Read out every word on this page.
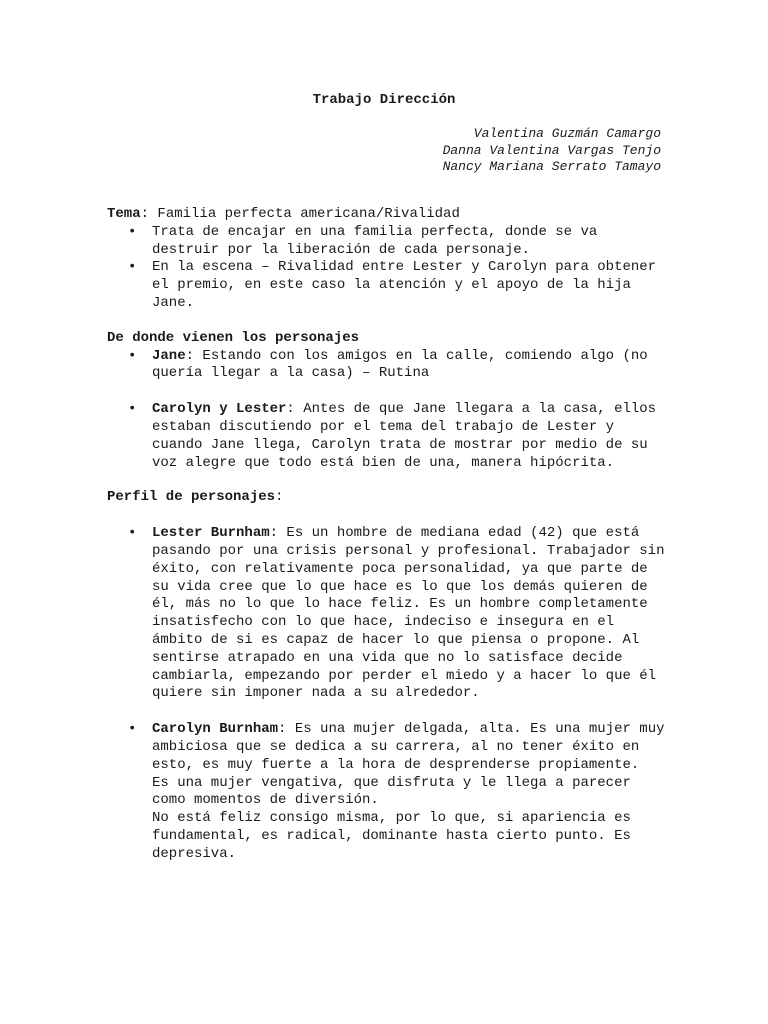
Trabajo Dirección
Valentina Guzmán Camargo
Danna Valentina Vargas Tenjo
Nancy Mariana Serrato Tamayo
Tema: Familia perfecta americana/Rivalidad
• Trata de encajar en una familia perfecta, donde se va destruir por la liberación de cada personaje.
• En la escena – Rivalidad entre Lester y Carolyn para obtener el premio, en este caso la atención y el apoyo de la hija Jane.
De donde vienen los personajes
• Jane: Estando con los amigos en la calle, comiendo algo (no quería llegar a la casa) – Rutina
• Carolyn y Lester: Antes de que Jane llegara a la casa, ellos estaban discutiendo por el tema del trabajo de Lester y cuando Jane llega, Carolyn trata de mostrar por medio de su voz alegre que todo está bien de una, manera hipócrita.
Perfil de personajes:
• Lester Burnham: Es un hombre de mediana edad (42) que está pasando por una crisis personal y profesional. Trabajador sin éxito, con relativamente poca personalidad, ya que parte de su vida cree que lo que hace es lo que los demás quieren de él, más no lo que lo hace feliz. Es un hombre completamente insatisfecho con lo que hace, indeciso e insegura en el ámbito de si es capaz de hacer lo que piensa o propone. Al sentirse atrapado en una vida que no lo satisface decide cambiarla, empezando por perder el miedo y a hacer lo que él quiere sin imponer nada a su alrededor.
• Carolyn Burnham: Es una mujer delgada, alta. Es una mujer muy ambiciosa que se dedica a su carrera, al no tener éxito en esto, es muy fuerte a la hora de desprenderse propiamente.
Es una mujer vengativa, que disfruta y le llega a parecer como momentos de diversión.
No está feliz consigo misma, por lo que, si apariencia es fundamental, es radical, dominante hasta cierto punto. Es depresiva.
